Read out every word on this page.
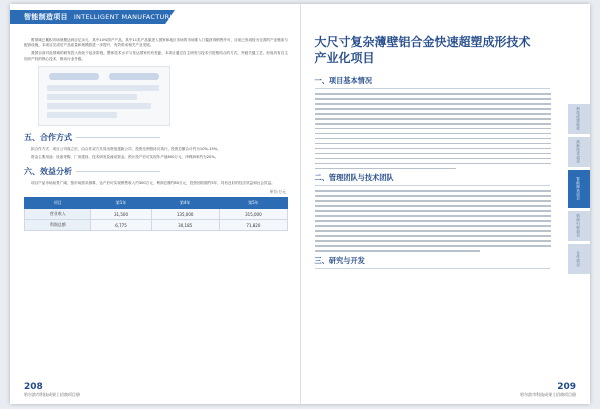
智能制造项目 INTELLIGENT MANUFACTURING

暂领域已累积市场规模达到百亿余元，其中10%国产产品，其中11类产品靠进入国家和地区市场的市场准入门槛获得销售许可，目前已形成较为完善的产业链条与配套设施，本项目完成后产品质量和规模将进一步提升，有效带动相关产业发展。

我国目前对此领域的研发投入尚处于起步阶段，整体技术水平与发达国家仍有差距，本项目通过自主研发与技术引进相结合的方式，突破关键工艺，形成具有自主知识产权的核心技术，推动行业升级。

五、合作方式

拟合作方式：项目公司成立后，由合作双方共同出资组建新公司，投资比例按协议执行，投资总额合计约为10%-15%。

资金主要用途：设备采购、厂房建设、技术研发及流动资金，预计投产后可实现年产值800万元，净利润率约为20%。

六、效益分析

项目产品市场前景广阔，按市场需求测算，达产后可实现销售收入约300万元，利润总额约80万元，投资回收期约5年，具有良好的经济效益和社会效益。

单位:万元
项目	第1年	第4年	第5年
营业收入	31,500	135,000	315,000
利润总额	6,775	30,185	71,820
208
哈尔滨市科技成果 | 招商项目册
大尺寸复杂薄壁铝合金快速超塑成形技术
产业化项目
一、项目基本情况
二、管理团队与技术团队
三、研究与开发
科技成果转化
高新技术项目
智能制造项目
招商引资项目
合作项目
209
哈尔滨市科技成果 | 招商项目册
